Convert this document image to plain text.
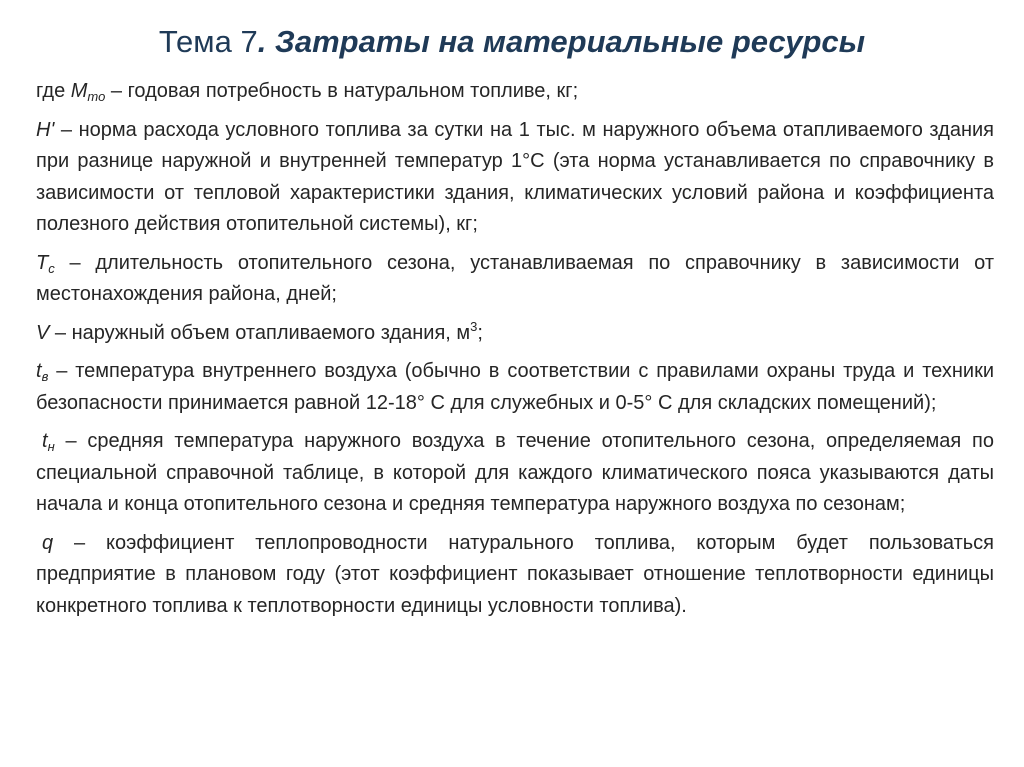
Тема 7. Затраты на материальные ресурсы

где $M_{то}$ – годовая потребность в натуральном топливе, кг;

H' – норма расхода условного топлива за сутки на 1 тыс. м наружного объема отапливаемого здания при разнице наружной и внутренней температур 1°С (эта норма устанавливается по справочнику в зависимости от тепловой характеристики здания, климатических условий района и коэффициента полезного действия отопительной системы), кг;

$T_c$ – длительность отопительного сезона, устанавливаемая по справочнику в зависимости от местонахождения района, дней;

V – наружный объем отапливаемого здания, $м^3$;

$t_в$ – температура внутреннего воздуха (обычно в соответствии с правилами охраны труда и техники безопасности принимается равной 12-18° С для служебных и 0-5° С для складских помещений);

$t_н$ – средняя температура наружного воздуха в течение отопительного сезона, определяемая по специальной справочной таблице, в которой для каждого климатического пояса указываются даты начала и конца отопительного сезона и средняя температура наружного воздуха по сезонам;

q – коэффициент теплопроводности натурального топлива, которым будет пользоваться предприятие в плановом году (этот коэффициент показывает отношение теплотворности единицы конкретного топлива к теплотворности единицы условности топлива).
